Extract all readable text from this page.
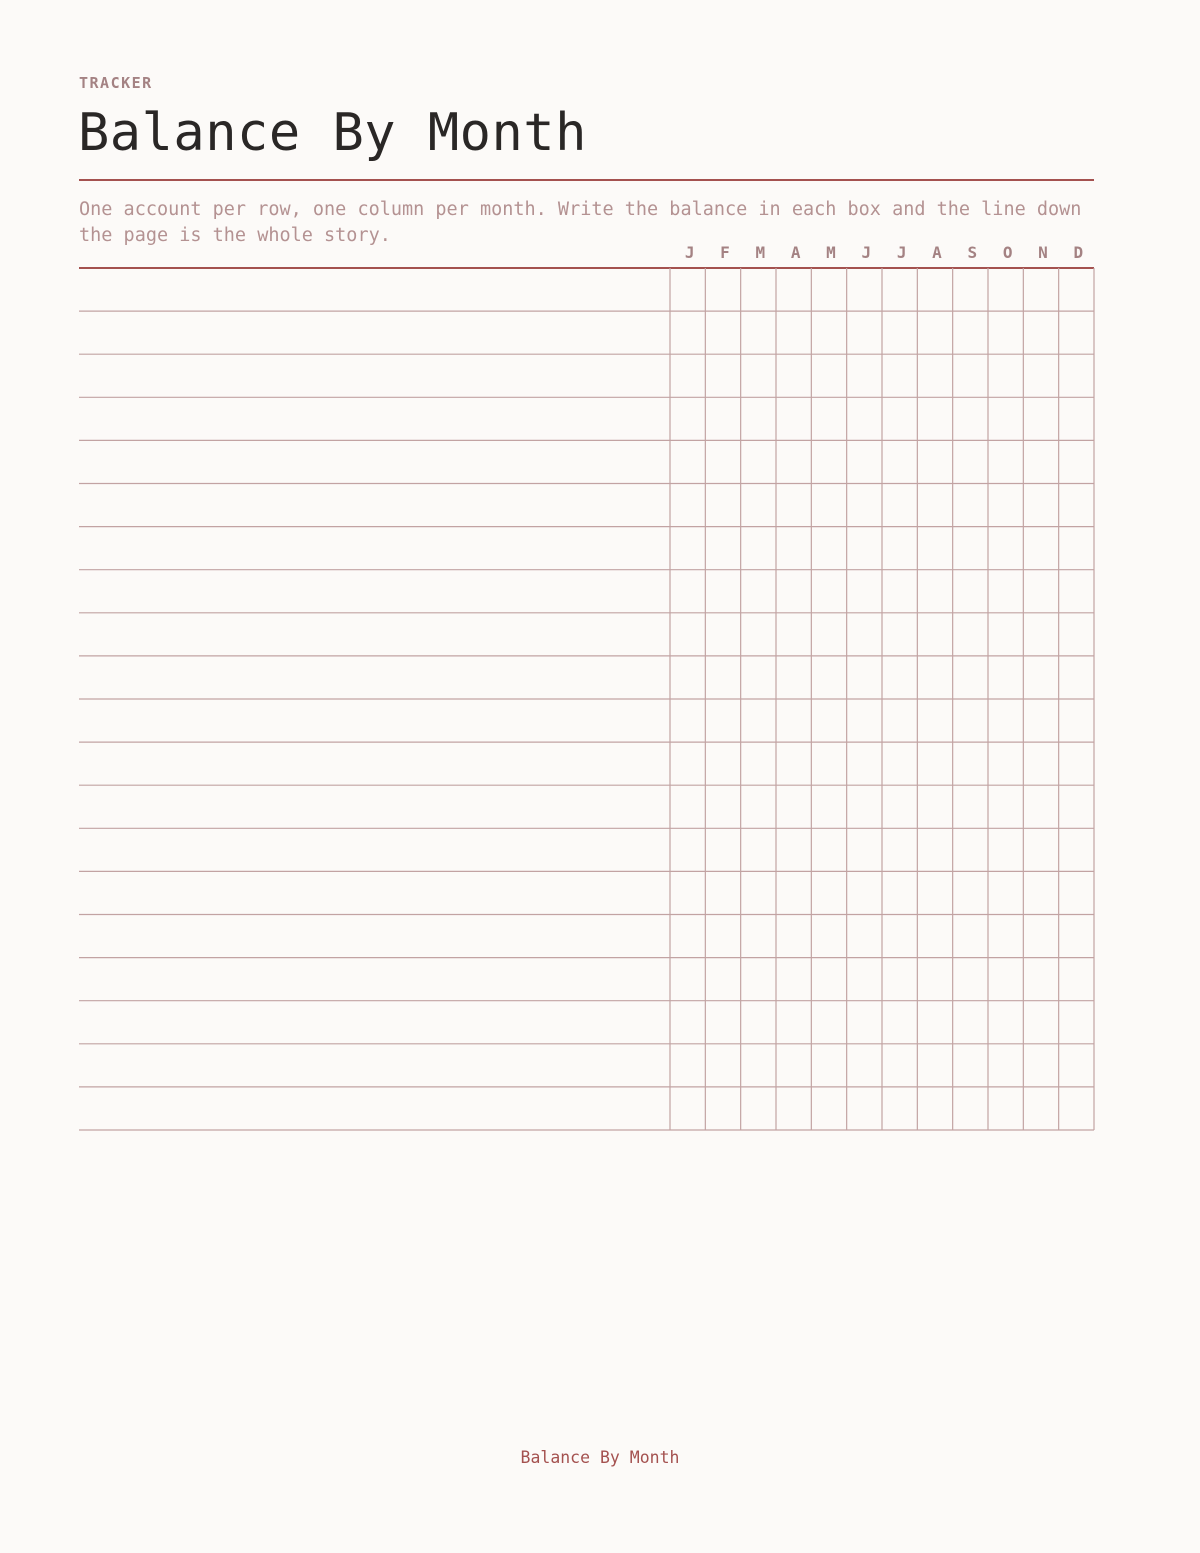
TRACKER
Balance By Month
One account per row, one column per month. Write the balance in each box and the line down the page is the whole story.
J F M A M J J A S O N D
Balance By Month
